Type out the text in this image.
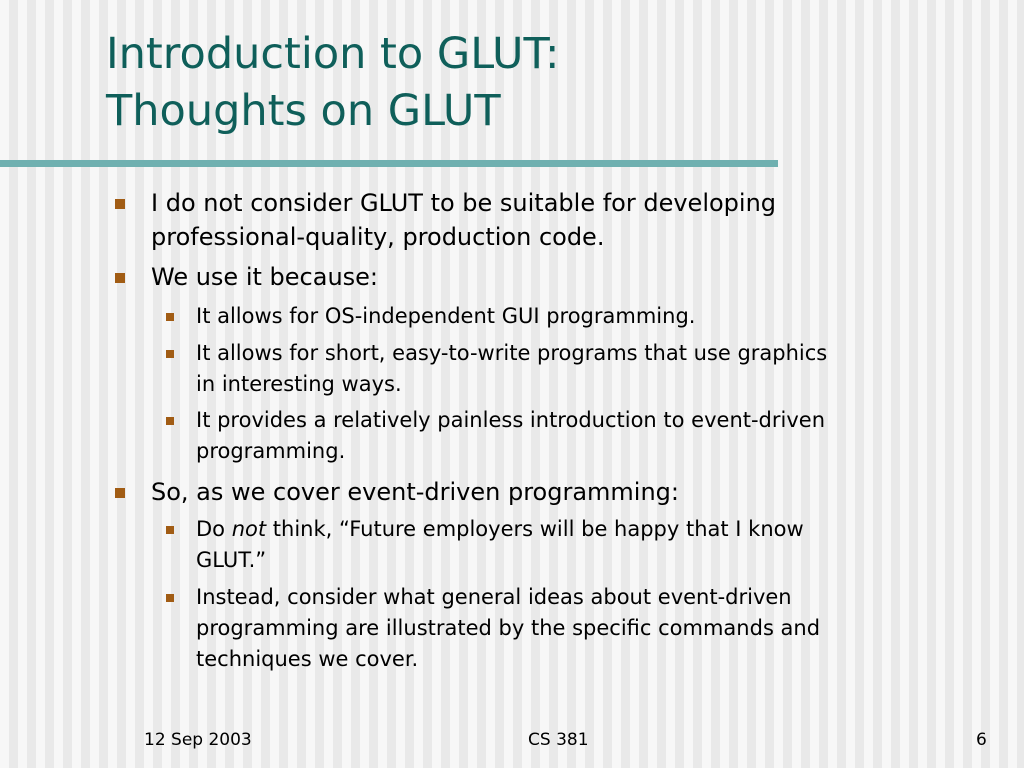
Introduction to GLUT:
Thoughts on GLUT
I do not consider GLUT to be suitable for developing
professional-quality, production code.
We use it because:
It allows for OS-independent GUI programming.
It allows for short, easy-to-write programs that use graphics
in interesting ways.
It provides a relatively painless introduction to event-driven
programming.
So, as we cover event-driven programming:
Do not think, “Future employers will be happy that I know
GLUT.”
Instead, consider what general ideas about event-driven
programming are illustrated by the specific commands and
techniques we cover.
12 Sep 2003	CS 381	6
